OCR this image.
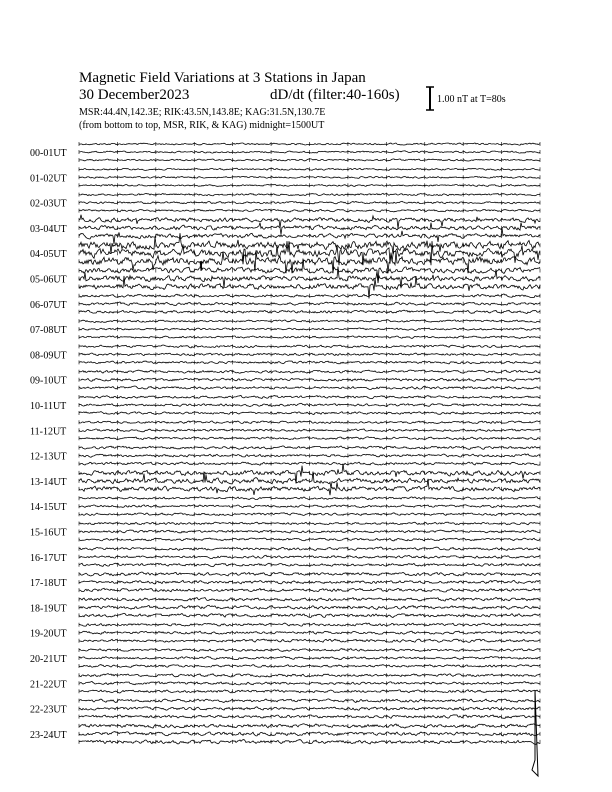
Magnetic Field Variations at 3 Stations in Japan
30 December2023	dD/dt (filter:40-160s)
MSR:44.4N,142.3E; RIK:43.5N,143.8E; KAG:31.5N,130.7E
(from bottom to top, MSR, RIK, & KAG) midnight=1500UT
1.00 nT at T=80s
00-01UT
01-02UT
02-03UT
03-04UT
04-05UT
05-06UT
06-07UT
07-08UT
08-09UT
09-10UT
10-11UT
11-12UT
12-13UT
13-14UT
14-15UT
15-16UT
16-17UT
17-18UT
18-19UT
19-20UT
20-21UT
21-22UT
22-23UT
23-24UT
